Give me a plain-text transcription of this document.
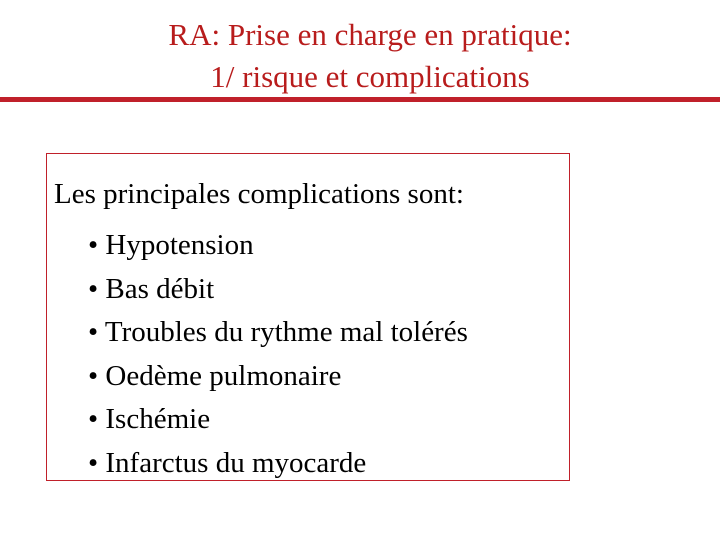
RA: Prise en charge en pratique:
1/ risque et complications
Les principales complications sont:
• Hypotension
• Bas débit
• Troubles du rythme mal tolérés
• Oedème pulmonaire
• Ischémie
• Infarctus du myocarde
